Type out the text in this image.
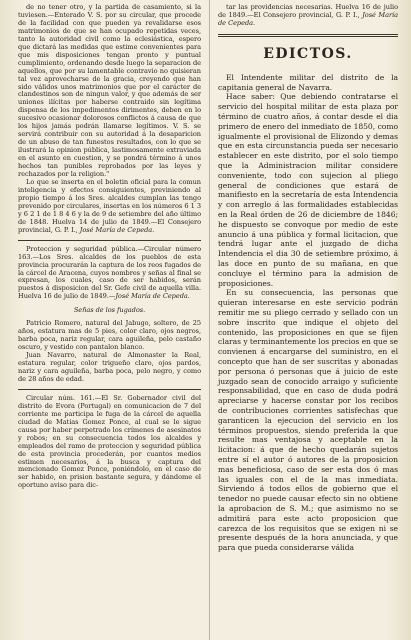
de no tener otro, y la partida de casamiento, si la tuviesen.—Enterado V. S. por su circular, que procede de la facilidad con que pueden ya revalidarse esos matrimonios de que se han ocupado repetidas veces, tanto la autoridad civil como la eclesiástica, espero que dictará las medidas que estime convenientes para que mis disposiciones tengan pronto y puntual cumplimiento, ordenando desde luego la separacion de aquellos, que por su lamentable contravio no quisieran tal vez aprovecharse de la gracia, creyendo que han sido válidos unos matrimonios que por el carácter de clandestinos son de ningun valor, y que además de ser uniones ilícitas por haberse contraido sin legítima dispensa de los impedimentos dirimentes, deben en lo sucesivo ocasionar dolorosos conflictos á causa de que los hijos jamás podrán llamarse legítimos. V. S. se servirá contribuir con su autoridad á la desaparicion de un abuso de tan funestos resultados, con lo que se ilustrará la opinion pública, lastimosamente extraviada en el asunto en cuestion, y se pondrá término á unos hechos tan punibles reprobados por las leyes y rechazados por la religion."

Lo que se inserta en el boletin oficial para la comun inteligencia y efectos consiguientes, previniendo al propio tiempo á los Sres. alcaldes cumplan las tengo prevenido por circulares, insertas en los números 6 1 3 y 6 2 1 de 1 8 4 6 y la de 9 de setiembre del año último de 1848. Huelva 14 de julio de 1849.—El Consejero provincial, G. P. I., José María de Cepeda.

Proteccion y seguridad pública.—Circular número 163.—Los Sres. alcaldes de los pueblos de esta provincia procurarán la captura de los reos fugados de la cárcel de Aracena, cuyos nombres y señas al final se expresan, los cuales, caso de ser habidos, serán puestos á disposicion del Sr. Gefe civil de aquella villa. Huelva 16 de julio de 1849.—José María de Cepeda.

Señas de los fugados.

Patricio Romero, natural del Jabugo, soltero, de 25 años, estatura mas de 5 pies, color claro, ojos negros, barba poca, nariz regular, cara aguileña, pelo castaño oscuro, y vestido con pantalon blanco.

Juan Navarro, natural de Almonaster la Real, estatura regular, color trigueño claro, ojos pardos, nariz y cara aguileña, barba poca, pelo negro, y como de 28 años de edad.

Circular núm. 161.—El Sr. Gobernador civil del distrito de Evora (Portugal) en comunicacion de 7 del corriente me participa le fuga de la cárcel de aquella ciudad de Matias Gomez Ponce, al cual se le sigue causa por haber perpetrado los crímenes de asesinatos y robos; en su consecuencia todos los alcaldes y empleados del ramo de proteccion y seguridad pública de esta provincia procederán, por cuantos medios estimen necesarios, á la busca y captura del mencionado Gomez Ponce, poniéndolo, en el caso de ser habido, en prision bastante segura, y dándome el oportuno aviso para dic-

tar las providencias necesarias. Huelva 16 de julio de 1849.—El Consejero provincial, G. P. I., José María de Cepeda.

EDICTOS.

El Intendente militar del distrito de la capitania general de Navarra.

Hace saber: Que debiendo contratarse el servicio del hospital militar de esta plaza por término de cuatro años, á contar desde el dia primero de enero del inmediato de 1850, como igualmente el provisional de Elizondo y demas que en esta circunstancia pueda ser necesario establecer en este distrito, por el solo tiempo que la Administracion militar considere conveniente, todo con sujecion al pliego general de condiciones que estará de manifiesto en la secretaría de esta Intendencia y con arreglo á las formalidades establecidas en la Real órden de 26 de diciembre de 1846; he dispuesto se convoque por medio de este anuncio á una pública y formal licitacion, que tendrá lugar ante el juzgado de dicha Intendencia el dia 30 de setiembre próximo, á las doce en punto de su mañana, en que concluye el término para la admision de proposiciones.

En su consecuencia, las personas que quieran interesarse en este servicio podrán remitir me su pliego cerrado y sellado con un sobre inscrito que indique el objeto del contenido, las proposiciones en que se fijen claras y terminantemente los precios en que se convienen á encargarse del suministro, en el concepto que han de ser suscritas y abonadas por persona ó personas que á juicio de este juzgado sean de conocido arraigo y suficiente responsabilidad, que en caso de duda podrá apreciarse y hacerse constar por los recibos de contribuciones corrientes satisfechas que garanticen la ejecucion del servicio en los términos propuestos, siendo preferida la que resulte mas ventajosa y aceptable en la licitacion: á que de hecho quedarán sujetos entre sí el autor ó autores de la proposicion mas beneficiosa, caso de ser esta dos ó mas las iguales con el de la mas inmediata. Sirviendo á todos ellos de gobierno que el tenedor no puede causar efecto sin no obtiene la aprobacion de S. M.; que asimismo no se admitirá para este acto proposicion que carezca de los requisitos que se exigen ni se presente después de la hora anunciada, y que para que pueda considerarse válida
